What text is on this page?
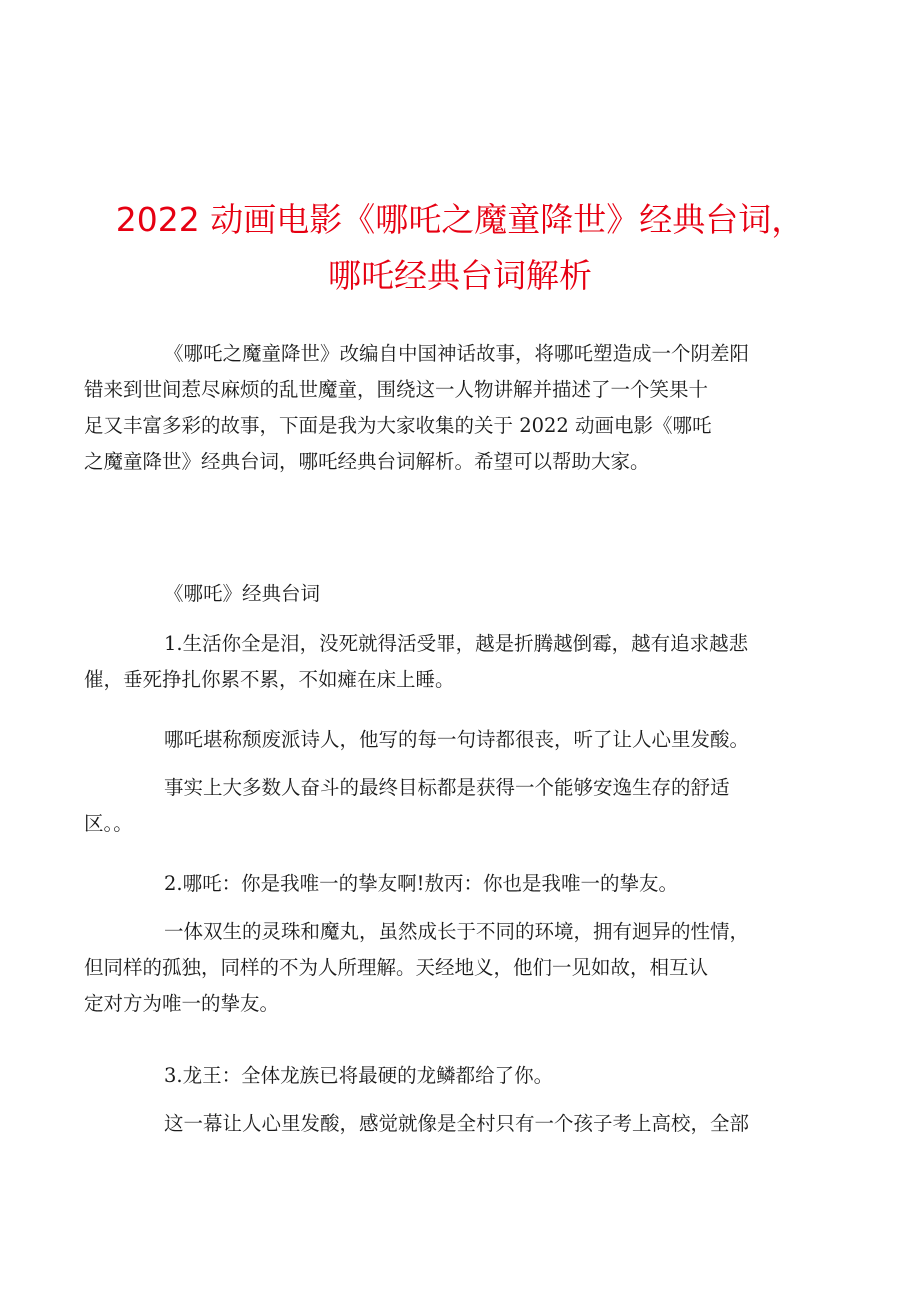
2022 动画电影《哪吒之魔童降世》经典台词，
哪吒经典台词解析

《哪吒之魔童降世》改编自中国神话故事，将哪吒塑造成一个阴差阳
错来到世间惹尽麻烦的乱世魔童，围绕这一人物讲解并描述了一个笑果十
足又丰富多彩的故事，下面是我为大家收集的关于 2022 动画电影《哪吒
之魔童降世》经典台词，哪吒经典台词解析。希望可以帮助大家。

《哪吒》经典台词

1.生活你全是泪，没死就得活受罪，越是折腾越倒霉，越有追求越悲
催，垂死挣扎你累不累，不如瘫在床上睡。

哪吒堪称颓废派诗人，他写的每一句诗都很丧，听了让人心里发酸。

事实上大多数人奋斗的最终目标都是获得一个能够安逸生存的舒适
区。。

2.哪吒：你是我唯一的挚友啊!敖丙：你也是我唯一的挚友。

一体双生的灵珠和魔丸，虽然成长于不同的环境，拥有迥异的性情，
但同样的孤独，同样的不为人所理解。天经地义，他们一见如故，相互认
定对方为唯一的挚友。

3.龙王：全体龙族已将最硬的龙鳞都给了你。

这一幕让人心里发酸，感觉就像是全村只有一个孩子考上高校，全部
